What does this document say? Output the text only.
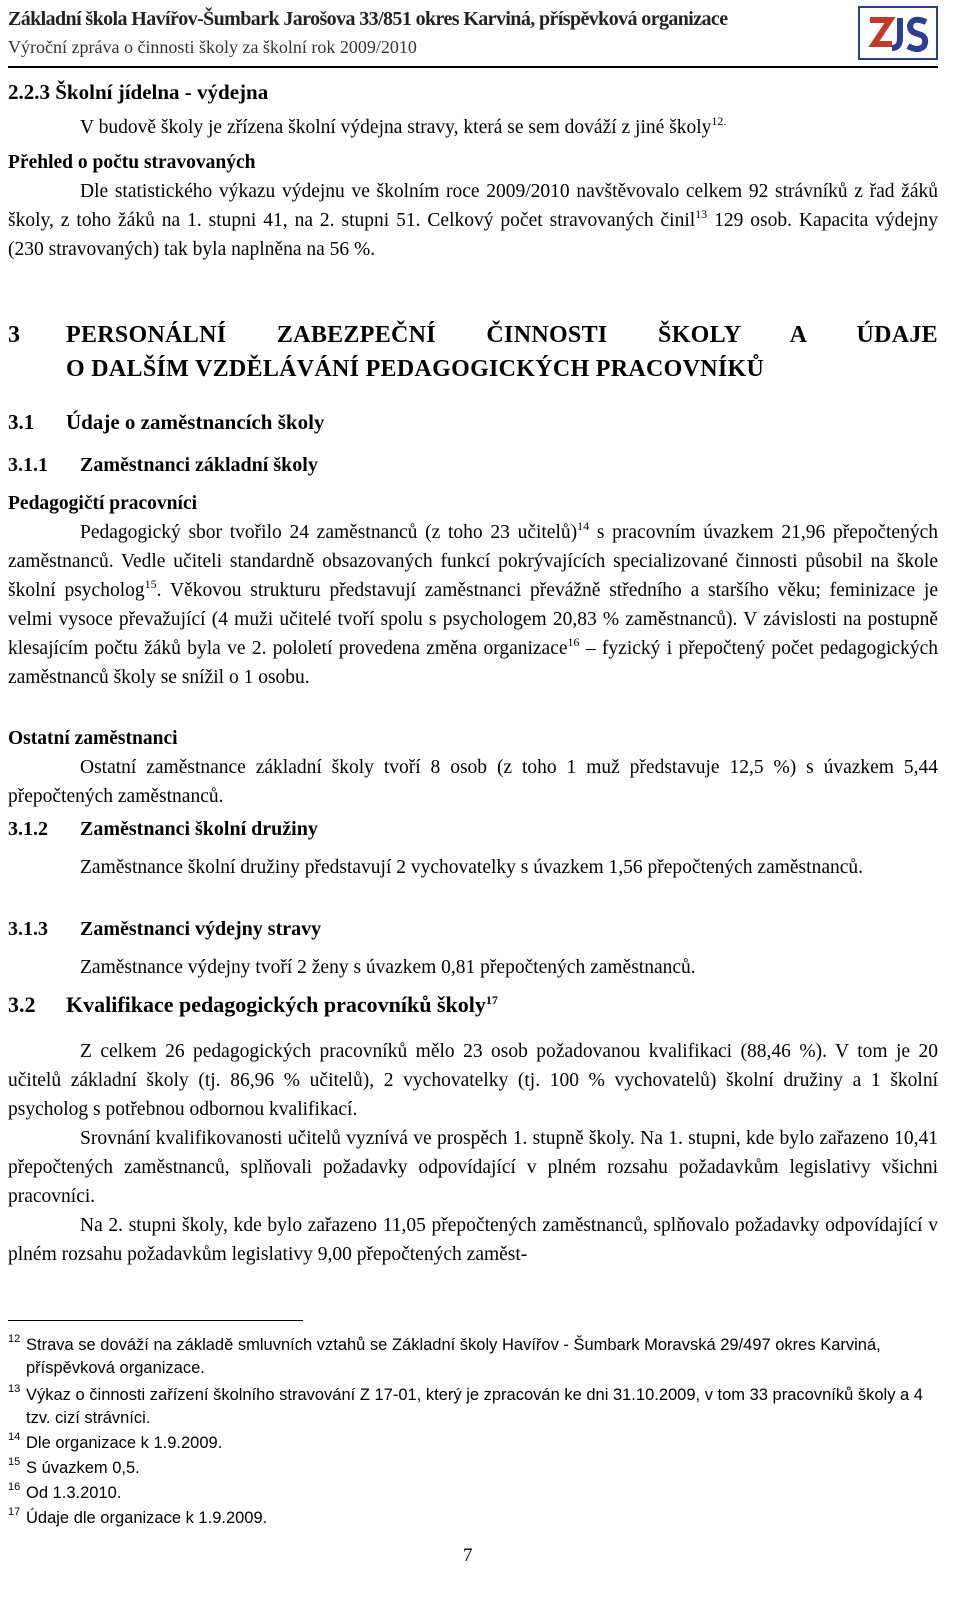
Základní škola Havířov-Šumbark Jarošova 33/851 okres Karviná, příspěvková organizace
Výroční zpráva o činnosti školy za školní rok 2009/2010
2.2.3 Školní jídelna - výdejna
V budově školy je zřízena školní výdejna stravy, která se sem dováží z jiné školy$^{12.}$
Přehled o počtu stravovaných
Dle statistického výkazu výdejnu ve školním roce 2009/2010 navštěvovalo celkem 92 strávníků z řad žáků školy, z toho žáků na 1. stupni 41, na 2. stupni 51. Celkový počet stravovaných činil$^{13}$ 129 osob. Kapacita výdejny (230 stravovaných) tak byla naplněna na 56 %.
3	PERSONÁLNÍ ZABEZPEČNÍ ČINNOSTI ŠKOLY A ÚDAJE
O DALŠÍM VZDĚLÁVÁNÍ PEDAGOGICKÝCH PRACOVNÍKŮ
3.1 Údaje o zaměstnancích školy
3.1.1 Zaměstnanci základní školy
Pedagogičtí pracovníci
Pedagogický sbor tvořilo 24 zaměstnanců (z toho 23 učitelů)$^{14}$ s pracovním úvazkem 21,96 přepočtených zaměstnanců. Vedle učiteli standardně obsazovaných funkcí pokrývajících specializované činnosti působil na škole školní psycholog$^{15}$. Věkovou strukturu představují zaměstnanci převážně středního a staršího věku; feminizace je velmi vysoce převažující (4 muži učitelé tvoří spolu s psychologem 20,83 % zaměstnanců). V závislosti na postupně klesajícím počtu žáků byla ve 2. pololetí provedena změna organizace$^{16}$ – fyzický i přepočtený počet pedagogických zaměstnanců školy se snížil o 1 osobu.
Ostatní zaměstnanci
Ostatní zaměstnance základní školy tvoří 8 osob (z toho 1 muž představuje 12,5 %) s úvazkem 5,44 přepočtených zaměstnanců.
3.1.2 Zaměstnanci školní družiny
Zaměstnance školní družiny představují 2 vychovatelky s úvazkem 1,56 přepočtených zaměstnanců.
3.1.3 Zaměstnanci výdejny stravy
Zaměstnance výdejny tvoří 2 ženy s úvazkem 0,81 přepočtených zaměstnanců.
3.2 Kvalifikace pedagogických pracovníků školy$^{17}$
Z celkem 26 pedagogických pracovníků mělo 23 osob požadovanou kvalifikaci (88,46 %). V tom je 20 učitelů základní školy (tj. 86,96 % učitelů), 2 vychovatelky (tj. 100 % vychovatelů) školní družiny a 1 školní psycholog s potřebnou odbornou kvalifikací.
Srovnání kvalifikovanosti učitelů vyznívá ve prospěch 1. stupně školy. Na 1. stupni, kde bylo zařazeno 10,41 přepočtených zaměstnanců, splňovali požadavky odpovídající v plném rozsahu požadavkům legislativy všichni pracovníci.
Na 2. stupni školy, kde bylo zařazeno 11,05 přepočtených zaměstnanců, splňovalo požadavky odpovídající v plném rozsahu požadavkům legislativy 9,00 přepočtených zaměst-
12 Strava se dováží na základě smluvních vztahů se Základní školy Havířov - Šumbark Moravská 29/497 okres Karviná, příspěvková organizace.
13 Výkaz o činnosti zařízení školního stravování Z 17-01, který je zpracován ke dni 31.10.2009, v tom 33 pracovníků školy a 4 tzv. cizí strávníci.
14 Dle organizace k 1.9.2009.
15 S úvazkem 0,5.
16 Od 1.3.2010.
17 Údaje dle organizace k 1.9.2009.
7
